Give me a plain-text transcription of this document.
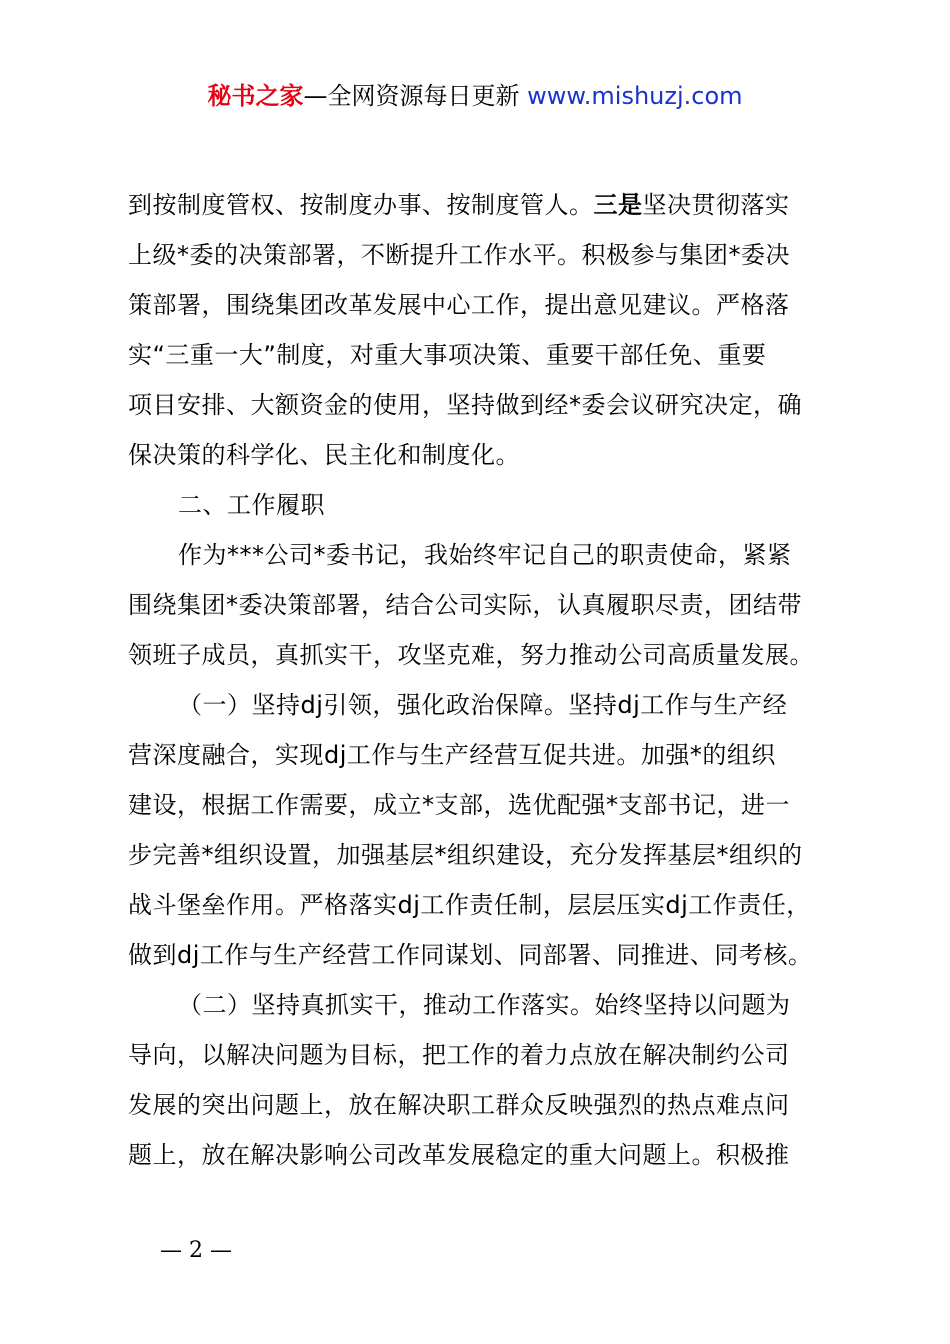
秘书之家—全网资源每日更新 www.mishuzj.com
到按制度管权、按制度办事、按制度管人。三是坚决贯彻落实
上级*委的决策部署，不断提升工作水平。积极参与集团*委决
策部署，围绕集团改革发展中心工作，提出意见建议。严格落
实“三重一大”制度，对重大事项决策、重要干部任免、重要
项目安排、大额资金的使用，坚持做到经*委会议研究决定，确
保决策的科学化、民主化和制度化。
二、工作履职
作为***公司*委书记，我始终牢记自己的职责使命，紧紧
围绕集团*委决策部署，结合公司实际，认真履职尽责，团结带
领班子成员，真抓实干，攻坚克难，努力推动公司高质量发展。
（一）坚持dj引领，强化政治保障。坚持dj工作与生产经
营深度融合，实现dj工作与生产经营互促共进。加强*的组织
建设，根据工作需要，成立*支部，选优配强*支部书记，进一
步完善*组织设置，加强基层*组织建设，充分发挥基层*组织的
战斗堡垒作用。严格落实dj工作责任制，层层压实dj工作责任，
做到dj工作与生产经营工作同谋划、同部署、同推进、同考核。
（二）坚持真抓实干，推动工作落实。始终坚持以问题为
导向，以解决问题为目标，把工作的着力点放在解决制约公司
发展的突出问题上，放在解决职工群众反映强烈的热点难点问
题上，放在解决影响公司改革发展稳定的重大问题上。积极推
— 2 —
